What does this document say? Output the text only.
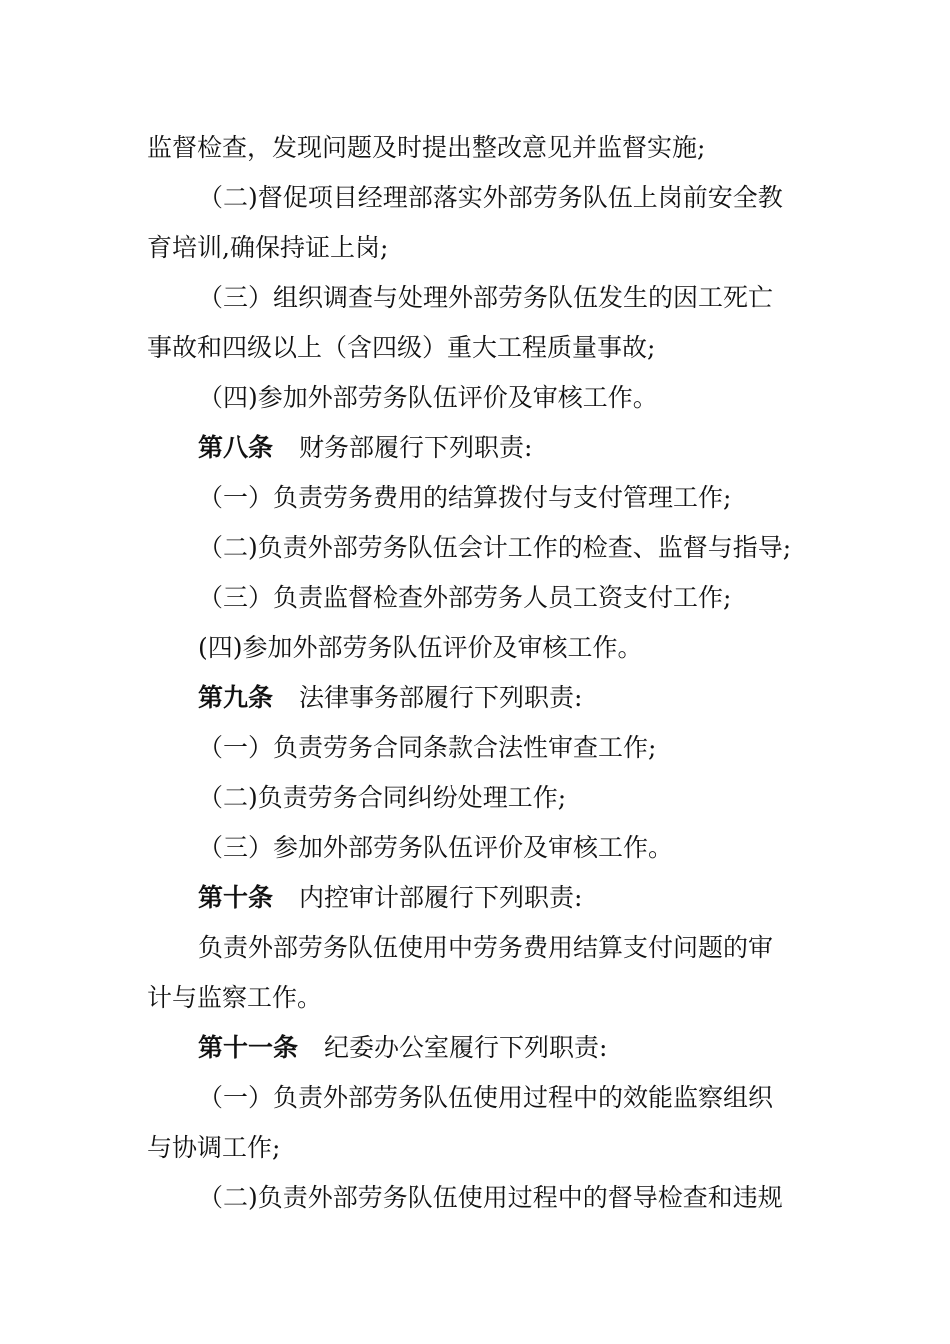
监督检查，发现问题及时提出整改意见并监督实施;
（二)督促项目经理部落实外部劳务队伍上岗前安全教
育培训,确保持证上岗;
（三）组织调查与处理外部劳务队伍发生的因工死亡
事故和四级以上（含四级）重大工程质量事故;
（四)参加外部劳务队伍评价及审核工作。
第八条 财务部履行下列职责:
（一）负责劳务费用的结算拨付与支付管理工作;
（二)负责外部劳务队伍会计工作的检查、监督与指导;
（三）负责监督检查外部劳务人员工资支付工作;
(四)参加外部劳务队伍评价及审核工作。
第九条 法律事务部履行下列职责:
（一）负责劳务合同条款合法性审查工作;
（二)负责劳务合同纠纷处理工作;
（三）参加外部劳务队伍评价及审核工作。
第十条 内控审计部履行下列职责:
负责外部劳务队伍使用中劳务费用结算支付问题的审
计与监察工作。
第十一条 纪委办公室履行下列职责:
（一）负责外部劳务队伍使用过程中的效能监察组织
与协调工作;
（二)负责外部劳务队伍使用过程中的督导检查和违规
